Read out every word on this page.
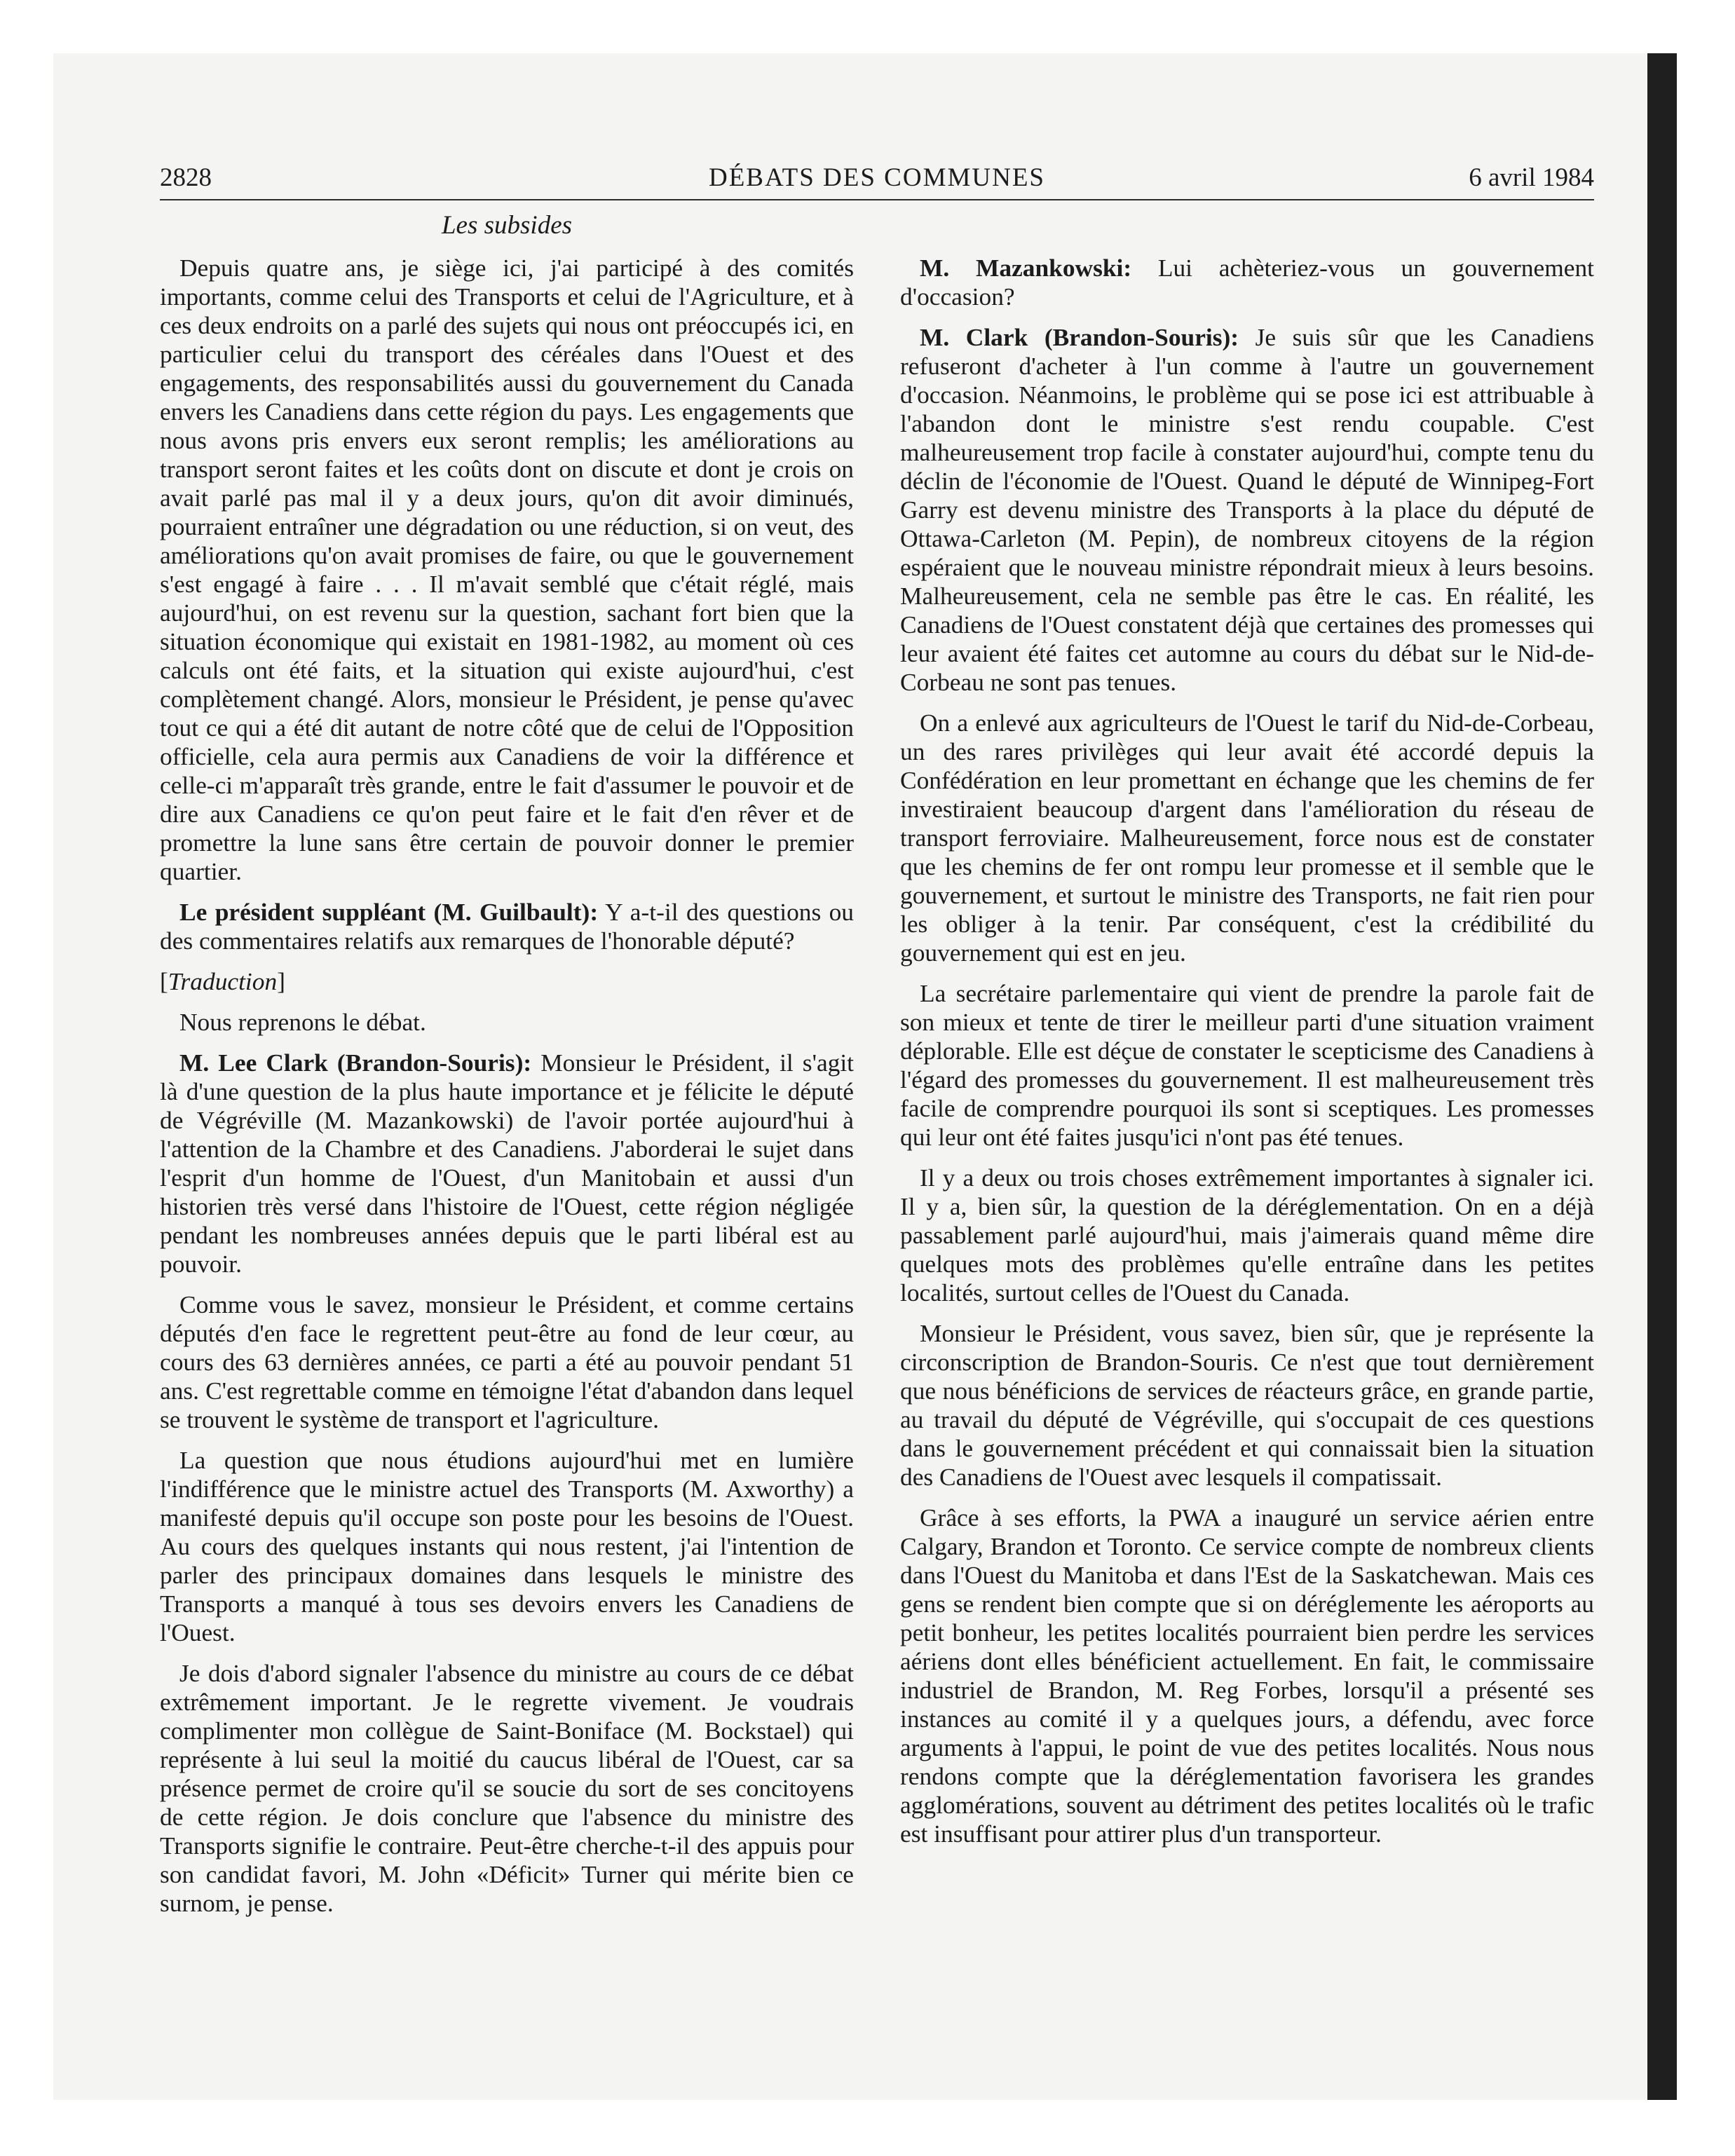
2828	DÉBATS DES COMMUNES	6 avril 1984
Les subsides

Depuis quatre ans, je siège ici, j'ai participé à des comités importants, comme celui des Transports et celui de l'Agriculture, et à ces deux endroits on a parlé des sujets qui nous ont préoccupés ici, en particulier celui du transport des céréales dans l'Ouest et des engagements, des responsabilités aussi du gouvernement du Canada envers les Canadiens dans cette région du pays. Les engagements que nous avons pris envers eux seront remplis; les améliorations au transport seront faites et les coûts dont on discute et dont je crois on avait parlé pas mal il y a deux jours, qu'on dit avoir diminués, pourraient entraîner une dégradation ou une réduction, si on veut, des améliorations qu'on avait promises de faire, ou que le gouvernement s'est engagé à faire . . . Il m'avait semblé que c'était réglé, mais aujourd'hui, on est revenu sur la question, sachant fort bien que la situation économique qui existait en 1981-1982, au moment où ces calculs ont été faits, et la situation qui existe aujourd'hui, c'est complètement changé. Alors, monsieur le Président, je pense qu'avec tout ce qui a été dit autant de notre côté que de celui de l'Opposition officielle, cela aura permis aux Canadiens de voir la différence et celle-ci m'apparaît très grande, entre le fait d'assumer le pouvoir et de dire aux Canadiens ce qu'on peut faire et le fait d'en rêver et de promettre la lune sans être certain de pouvoir donner le premier quartier.

Le président suppléant (M. Guilbault): Y a-t-il des questions ou des commentaires relatifs aux remarques de l'honorable député?

[Traduction]

Nous reprenons le débat.

M. Lee Clark (Brandon-Souris): Monsieur le Président, il s'agit là d'une question de la plus haute importance et je félicite le député de Végréville (M. Mazankowski) de l'avoir portée aujourd'hui à l'attention de la Chambre et des Canadiens. J'aborderai le sujet dans l'esprit d'un homme de l'Ouest, d'un Manitobain et aussi d'un historien très versé dans l'histoire de l'Ouest, cette région négligée pendant les nombreuses années depuis que le parti libéral est au pouvoir.

Comme vous le savez, monsieur le Président, et comme certains députés d'en face le regrettent peut-être au fond de leur cœur, au cours des 63 dernières années, ce parti a été au pouvoir pendant 51 ans. C'est regrettable comme en témoigne l'état d'abandon dans lequel se trouvent le système de transport et l'agriculture.

La question que nous étudions aujourd'hui met en lumière l'indifférence que le ministre actuel des Transports (M. Axworthy) a manifesté depuis qu'il occupe son poste pour les besoins de l'Ouest. Au cours des quelques instants qui nous restent, j'ai l'intention de parler des principaux domaines dans lesquels le ministre des Transports a manqué à tous ses devoirs envers les Canadiens de l'Ouest.

Je dois d'abord signaler l'absence du ministre au cours de ce débat extrêmement important. Je le regrette vivement. Je voudrais complimenter mon collègue de Saint-Boniface (M. Bockstael) qui représente à lui seul la moitié du caucus libéral de l'Ouest, car sa présence permet de croire qu'il se soucie du sort de ses concitoyens de cette région. Je dois conclure que l'absence du ministre des Transports signifie le contraire. Peut-être cherche-t-il des appuis pour son candidat favori, M. John «Déficit» Turner qui mérite bien ce surnom, je pense.

M. Mazankowski: Lui achèteriez-vous un gouvernement d'occasion?

M. Clark (Brandon-Souris): Je suis sûr que les Canadiens refuseront d'acheter à l'un comme à l'autre un gouvernement d'occasion. Néanmoins, le problème qui se pose ici est attribuable à l'abandon dont le ministre s'est rendu coupable. C'est malheureusement trop facile à constater aujourd'hui, compte tenu du déclin de l'économie de l'Ouest. Quand le député de Winnipeg-Fort Garry est devenu ministre des Transports à la place du député de Ottawa-Carleton (M. Pepin), de nombreux citoyens de la région espéraient que le nouveau ministre répondrait mieux à leurs besoins. Malheureusement, cela ne semble pas être le cas. En réalité, les Canadiens de l'Ouest constatent déjà que certaines des promesses qui leur avaient été faites cet automne au cours du débat sur le Nid-de-Corbeau ne sont pas tenues.

On a enlevé aux agriculteurs de l'Ouest le tarif du Nid-de-Corbeau, un des rares privilèges qui leur avait été accordé depuis la Confédération en leur promettant en échange que les chemins de fer investiraient beaucoup d'argent dans l'amélioration du réseau de transport ferroviaire. Malheureusement, force nous est de constater que les chemins de fer ont rompu leur promesse et il semble que le gouvernement, et surtout le ministre des Transports, ne fait rien pour les obliger à la tenir. Par conséquent, c'est la crédibilité du gouvernement qui est en jeu.

La secrétaire parlementaire qui vient de prendre la parole fait de son mieux et tente de tirer le meilleur parti d'une situation vraiment déplorable. Elle est déçue de constater le scepticisme des Canadiens à l'égard des promesses du gouvernement. Il est malheureusement très facile de comprendre pourquoi ils sont si sceptiques. Les promesses qui leur ont été faites jusqu'ici n'ont pas été tenues.

Il y a deux ou trois choses extrêmement importantes à signaler ici. Il y a, bien sûr, la question de la déréglementation. On en a déjà passablement parlé aujourd'hui, mais j'aimerais quand même dire quelques mots des problèmes qu'elle entraîne dans les petites localités, surtout celles de l'Ouest du Canada.

Monsieur le Président, vous savez, bien sûr, que je représente la circonscription de Brandon-Souris. Ce n'est que tout dernièrement que nous bénéficions de services de réacteurs grâce, en grande partie, au travail du député de Végréville, qui s'occupait de ces questions dans le gouvernement précédent et qui connaissait bien la situation des Canadiens de l'Ouest avec lesquels il compatissait.

Grâce à ses efforts, la PWA a inauguré un service aérien entre Calgary, Brandon et Toronto. Ce service compte de nombreux clients dans l'Ouest du Manitoba et dans l'Est de la Saskatchewan. Mais ces gens se rendent bien compte que si on déréglemente les aéroports au petit bonheur, les petites localités pourraient bien perdre les services aériens dont elles bénéficient actuellement. En fait, le commissaire industriel de Brandon, M. Reg Forbes, lorsqu'il a présenté ses instances au comité il y a quelques jours, a défendu, avec force arguments à l'appui, le point de vue des petites localités. Nous nous rendons compte que la déréglementation favorisera les grandes agglomérations, souvent au détriment des petites localités où le trafic est insuffisant pour attirer plus d'un transporteur.
